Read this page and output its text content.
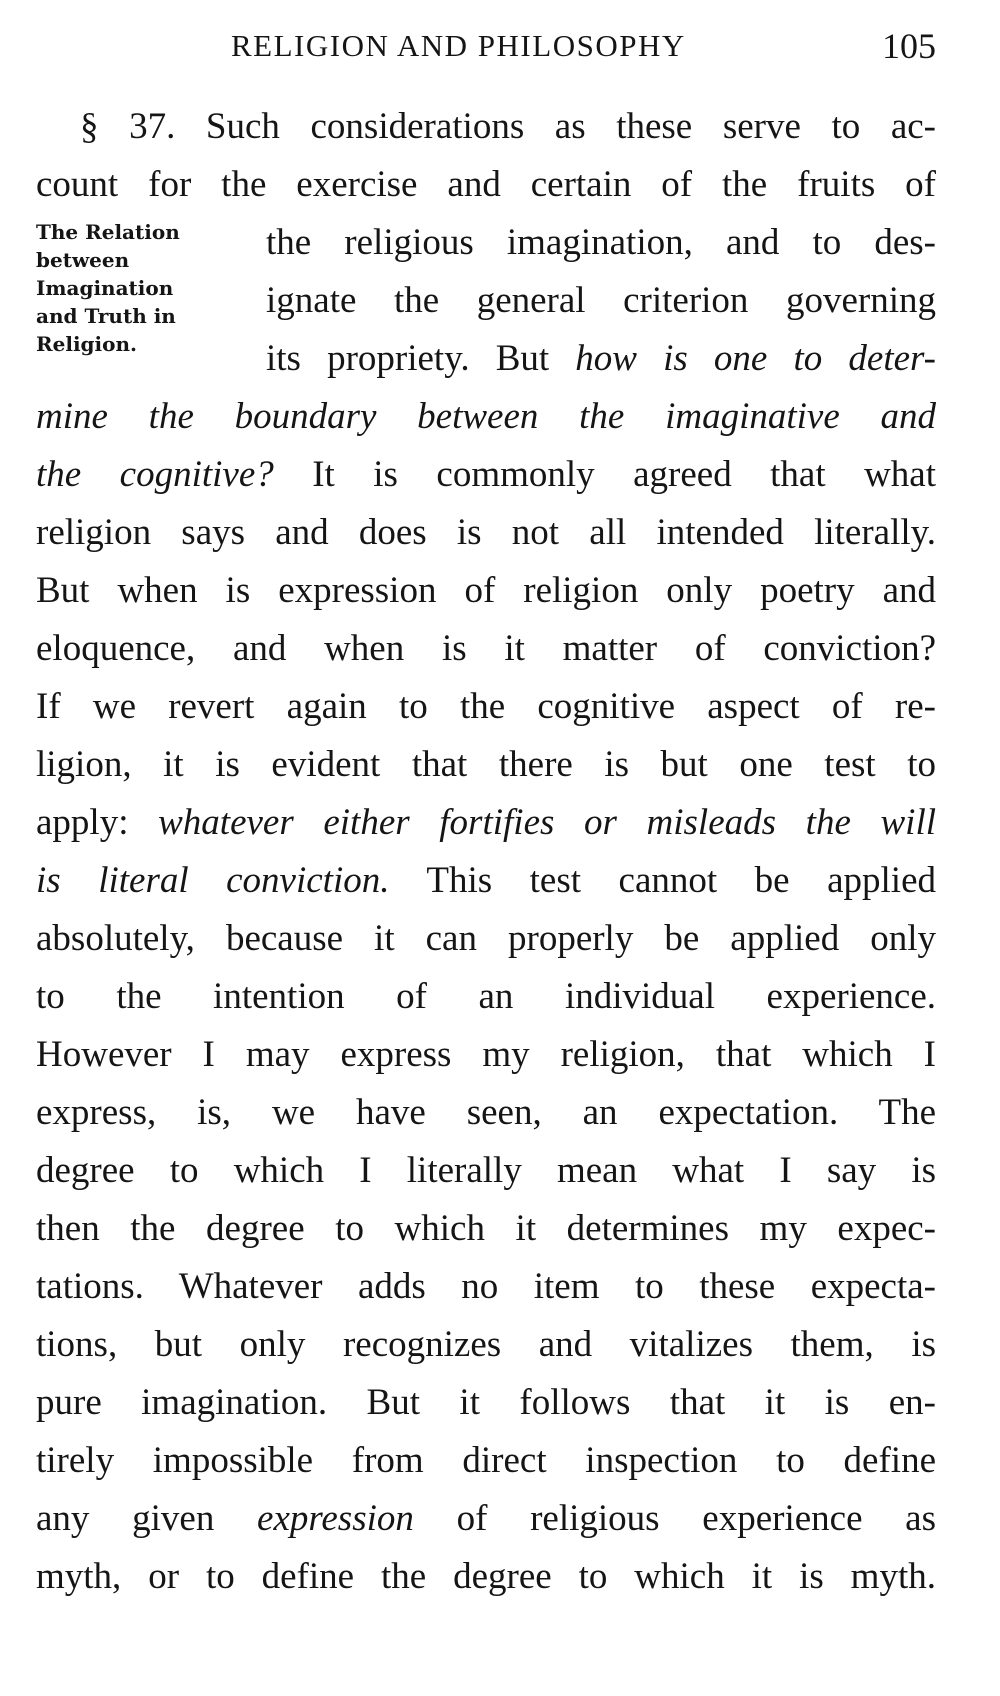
RELIGION AND PHILOSOPHY	105
The Relation
between
Imagination
and Truth in
Religion.
§ 37. Such considerations as these serve to ac-
count for the exercise and certain of the fruits of
the religious imagination, and to des-
ignate the general criterion governing
its propriety. But how is one to deter-
mine the boundary between the imaginative and
the cognitive? It is commonly agreed that what
religion says and does is not all intended literally.
But when is expression of religion only poetry and
eloquence, and when is it matter of conviction?
If we revert again to the cognitive aspect of re-
ligion, it is evident that there is but one test to
apply: whatever either fortifies or misleads the will
is literal conviction. This test cannot be applied
absolutely, because it can properly be applied only
to the intention of an individual experience.
However I may express my religion, that which I
express, is, we have seen, an expectation. The
degree to which I literally mean what I say is
then the degree to which it determines my expec-
tations. Whatever adds no item to these expecta-
tions, but only recognizes and vitalizes them, is
pure imagination. But it follows that it is en-
tirely impossible from direct inspection to define
any given expression of religious experience as
myth, or to define the degree to which it is myth.
